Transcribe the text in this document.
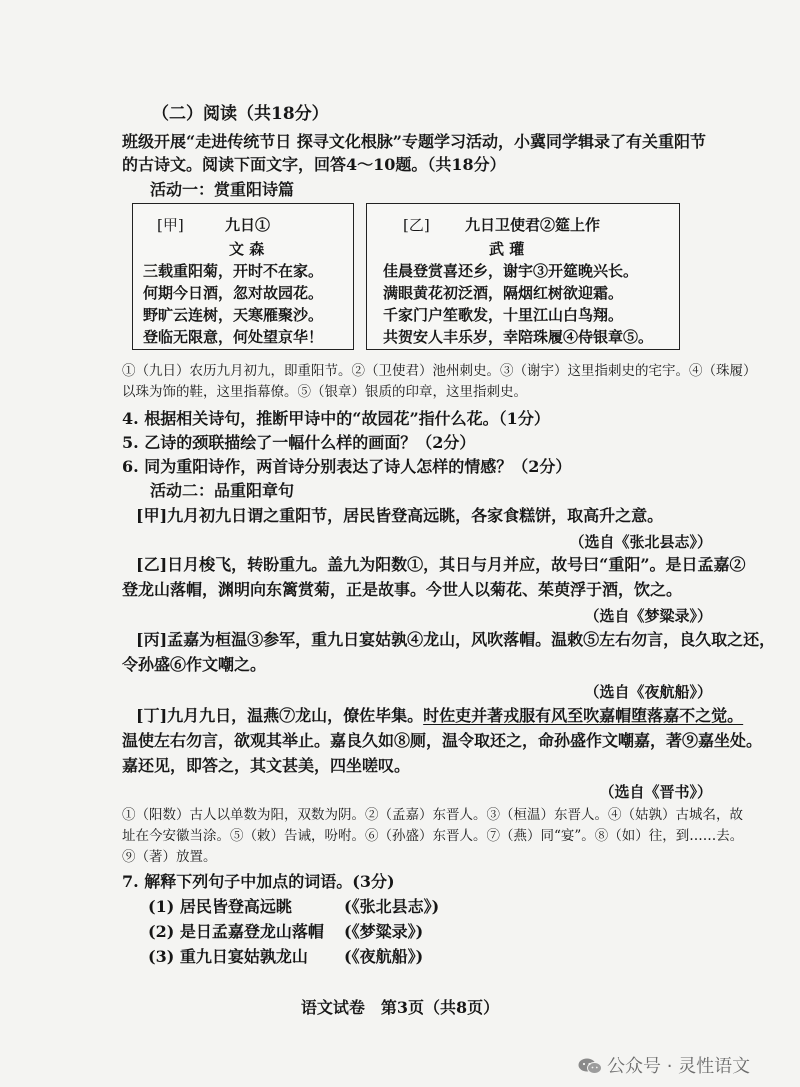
（二）阅读（共18分）
班级开展“走进传统节日 探寻文化根脉”专题学习活动，小冀同学辑录了有关重阳节
的古诗文。阅读下面文字，回答4～10题。（共18分）
活动一：赏重阳诗篇
[甲]	九日①
文 森
三载重阳菊，开时不在家。
何期今日酒，忽对故园花。
野旷云连树，天寒雁聚沙。
登临无限意，何处望京华！
[乙] 九日卫使君②筵上作
武 瓘
佳晨登赏喜还乡，谢宇③开筵晚兴长。
满眼黄花初泛酒，隔烟红树欲迎霜。
千家门户笙歌发，十里江山白鸟翔。
共贺安人丰乐岁，幸陪珠履④侍银章⑤。
①（九日）农历九月初九，即重阳节。②（卫使君）池州刺史。③（谢宇）这里指刺史的宅宇。④（珠履）
以珠为饰的鞋，这里指幕僚。⑤（银章）银质的印章，这里指刺史。
4. 根据相关诗句，推断甲诗中的“故园花”指什么花。（1分）
5. 乙诗的颈联描绘了一幅什么样的画面？（2分）
6. 同为重阳诗作，两首诗分别表达了诗人怎样的情感？（2分）
活动二：品重阳章句
[甲]九月初九日谓之重阳节，居民皆登高远眺，各家食糕饼，取高升之意。
（选自《张北县志》）
[乙]日月梭飞，转盼重九。盖九为阳数①，其日与月并应，故号曰“重阳”。是日孟嘉②
登龙山落帽，渊明向东篱赏菊，正是故事。今世人以菊花、茱萸浮于酒，饮之。
（选自《梦粱录》）
[丙]孟嘉为桓温③参军，重九日宴姑孰④龙山，风吹落帽。温敕⑤左右勿言，良久取之还，
令孙盛⑥作文嘲之。
（选自《夜航船》）
[丁]九月九日，温燕⑦龙山，僚佐毕集。时佐吏并著戎服有风至吹嘉帽堕落嘉不之觉。
温使左右勿言，欲观其举止。嘉良久如⑧厕，温令取还之，命孙盛作文嘲嘉，著⑨嘉坐处。
嘉还见，即答之，其文甚美，四坐嗟叹。
（选自《晋书》）
①（阳数）古人以单数为阳，双数为阴。②（孟嘉）东晋人。③（桓温）东晋人。④（姑孰）古城名，故
址在今安徽当涂。⑤（敕）告诫，吩咐。⑥（孙盛）东晋人。⑦（燕）同“宴”。⑧（如）往，到……去。
⑨（著）放置。
7. 解释下列句子中加点的词语。(3分)
(1) 居民皆登高远眺	(《张北县志》)
(2) 是日孟嘉登龙山落帽 (《梦粱录》)
(3) 重九日宴姑孰龙山 (《夜航船》)
语文试卷　第3页（共8页）
公众号 · 灵性语文
